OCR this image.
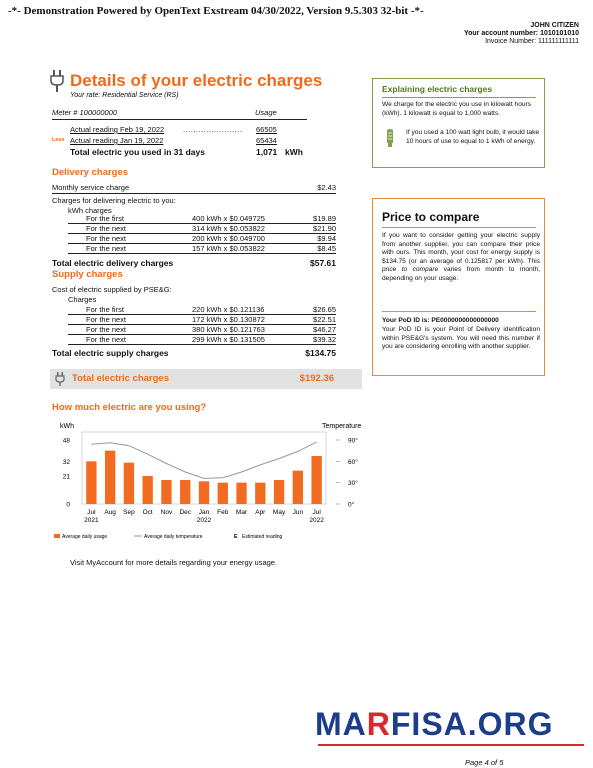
-*- Demonstration Powered by OpenText Exstream 04/30/2022, Version 9.5.303 32-bit -*-
JOHN CITIZEN
Your account number: 1010101010
Invoice Number: 111111111111
Details of your electric charges
Your rate: Residential Service (RS)
Meter # 100000000	Usage
Actual reading Feb 19, 2022	....................... 66505
Less Actual reading Jan 19, 2022	65434
Total electric you used in 31 days	1,071 kWh
Delivery charges
Monthly service charge	$2.43
Charges for delivering electric to you:
kWh charges
For the first	400 kWh x $0.049725	$19.89
For the next	314 kWh x $0.053822	$21.90
For the next	200 kWh x $0.049700	$9.94
For the next	157 kWh x $0.053822	$8.45
Total electric delivery charges	$57.61
Supply charges
Cost of electric supplied by PSE&G:
Charges
For the first	220 kWh x $0.121136	$26.65
For the next	172 kWh x $0.130872	$22.51
For the next	380 kWh x $0.121763	$46.27
For the next	299 kWh x $0.131505	$39.32
Total electric supply charges	$134.75
Total electric charges	$192.36
Explaining electric charges
We charge for the electric you use in kilowatt hours (kWh). 1 kilowatt is equal to 1,000 watts.
If you used a 100 watt light bulb, it would take 10 hours of use to equal to 1 kWh of energy.
Price to compare
If you want to consider getting your electric supply from another supplier, you can compare their price with ours. This month, your cost for energy supply is $134.75 (or an average of 0.125817 per kWh). This price to compare varies from month to month, depending on your usage.
Your PoD ID is: PE0000000000000000
Your PoD ID is your Point of Delivery identification within PSE&G's system. You will need this number if you are considering enrolling with another supplier.
How much electric are you using?
kWh	Temperature
0
21
32
48
0°
30°
60°
90°
Jul
2021
Aug Sep Oct Nov Dec Jan
2022
Feb Mar Apr May Jun Jul
2022
Average daily usage	Average daily temperature	E Estimated reading
Visit MyAccount for more details regarding your energy usage.
MARFISA.ORG
Page 4 of 5
